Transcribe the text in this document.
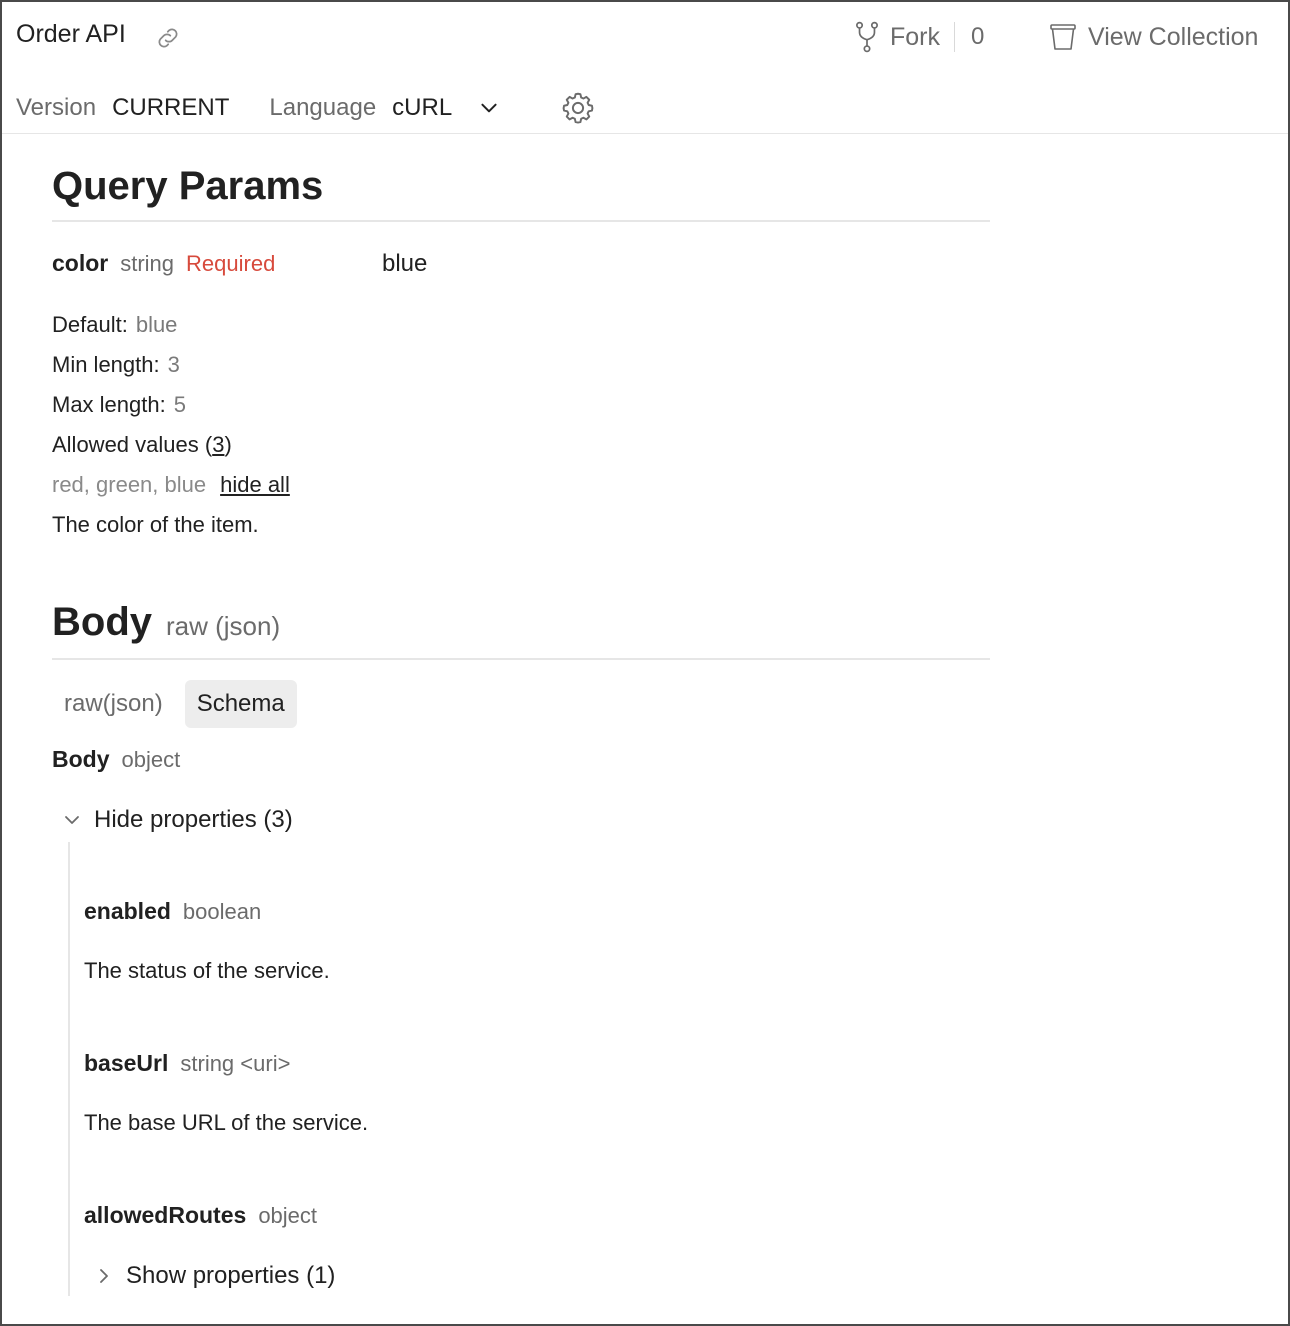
Order API	Fork 0	View Collection
Version CURRENT Language cURL
Query Params
color string Required	blue
Default: blue
Min length: 3
Max length: 5
Allowed values (3)
red, green, blue hide all
The color of the item.
Body raw (json)
raw(json)	Schema
Body object
Hide properties (3)
enabled boolean
The status of the service.
baseUrl string <uri>
The base URL of the service.
allowedRoutes object
Show properties (1)
